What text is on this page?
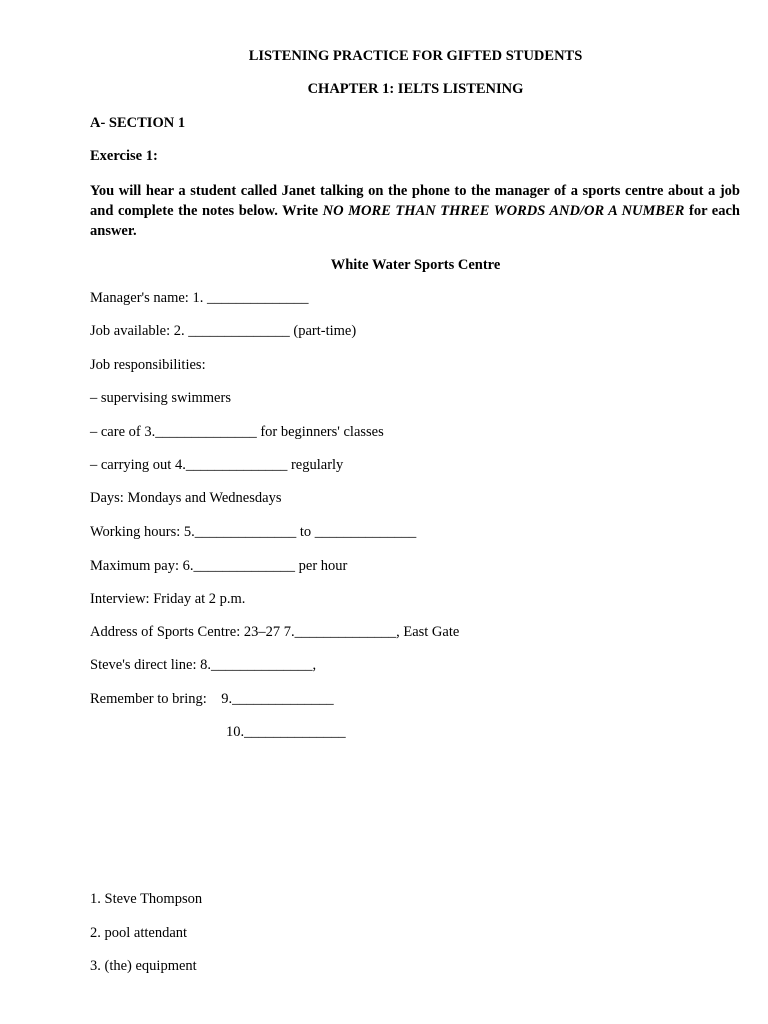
LISTENING PRACTICE FOR GIFTED STUDENTS
CHAPTER 1: IELTS LISTENING
A- SECTION 1
Exercise 1:
You will hear a student called Janet talking on the phone to the manager of a sports centre about a job and complete the notes below. Write NO MORE THAN THREE WORDS AND/OR A NUMBER for each answer.
White Water Sports Centre
Manager's name: 1. ______________
Job available: 2. ______________ (part-time)
Job responsibilities:
– supervising swimmers
– care of 3.______________ for beginners' classes
– carrying out 4.______________ regularly
Days: Mondays and Wednesdays
Working hours: 5.______________ to ______________
Maximum pay: 6.______________ per hour
Interview: Friday at 2 p.m.
Address of Sports Centre: 23–27 7.______________, East Gate
Steve's direct line: 8.______________,
Remember to bring:    9.______________
10.______________
1. Steve Thompson
2. pool attendant
3. (the) equipment
